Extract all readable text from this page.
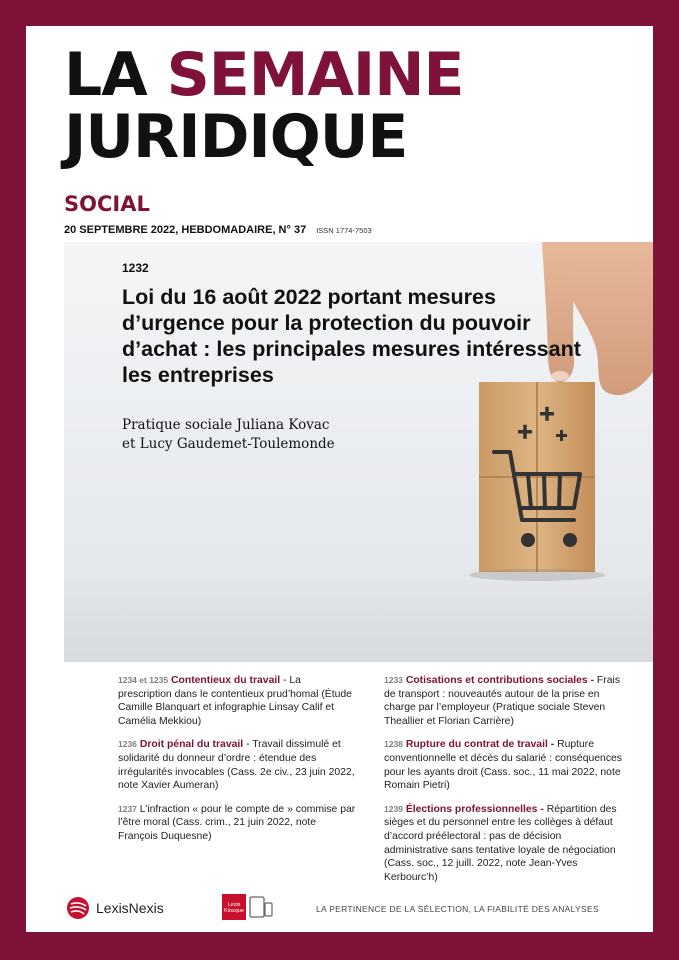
LA SEMAINE
JURIDIQUE
SOCIAL
20 SEPTEMBRE 2022, HEBDOMADAIRE, N° 37 ISSN 1774-7503
1232
Loi du 16 août 2022 portant mesures d’urgence pour la protection du pouvoir d’achat : les principales mesures intéressant les entreprises
Pratique sociale Juliana Kovac
et Lucy Gaudemet-Toulemonde
1234 et 1235 Contentieux du travail - La prescription dans le contentieux prud’homal (Étude Camille Blanquart et infographie Linsay Calif et Camélia Mekkiou)
1236 Droit pénal du travail - Travail dissimulé et solidarité du donneur d’ordre : étendue des irrégularités invocables (Cass. 2e civ., 23 juin 2022, note Xavier Aumeran)
1237 L’infraction « pour le compte de » commise par l’être moral (Cass. crim., 21 juin 2022, note François Duquesne)
1233 Cotisations et contributions sociales - Frais de transport : nouveautés autour de la prise en charge par l’employeur (Pratique sociale Steven Theallier et Florian Carrière)
1238 Rupture du contrat de travail - Rupture conventionnelle et décès du salarié : conséquences pour les ayants droit (Cass. soc., 11 mai 2022, note Romain Pietri)
1239 Élections professionnelles - Répartition des sièges et du personnel entre les collèges à défaut d’accord préélectoral : pas de décision administrative sans tentative loyale de négociation (Cass. soc., 12 juill. 2022, note Jean-Yves Kerbourc’h)
LexisNexis	Lexis
Kiosque	LA PERTINENCE DE LA SÉLECTION, LA FIABILITÉ DES ANALYSES
